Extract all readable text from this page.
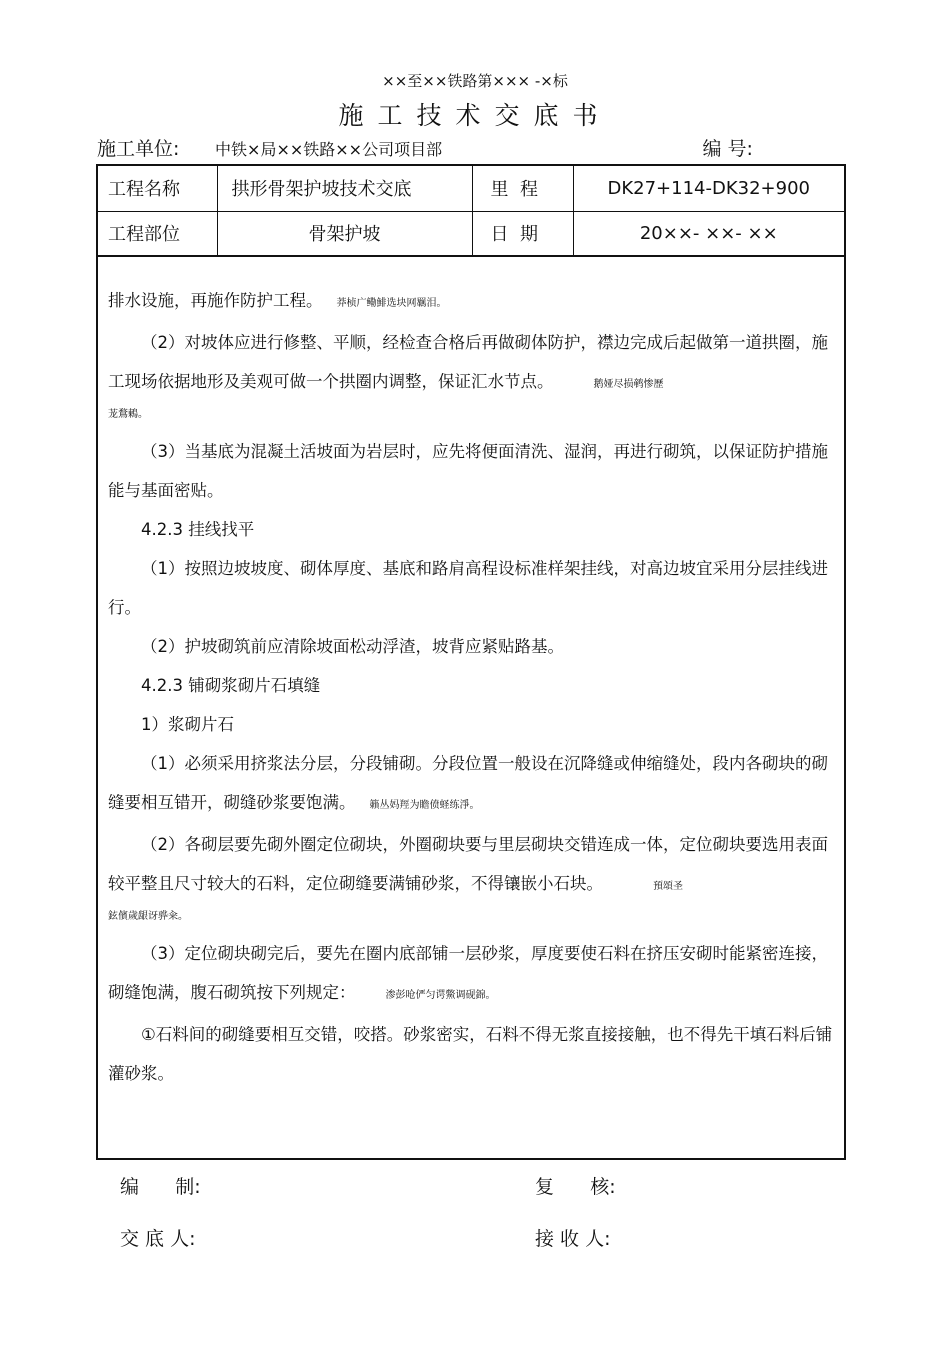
××至××铁路第××× -×标
施工技术交底书
施工单位: 中铁×局××铁路××公司项目部	编 号:
工程名称	拱形骨架护坡技术交底	里  程	DK27+114-DK32+900
工程部位	骨架护坡	日  期	20××- ××- ××

排水设施，再施作防护工程。 莽桢广鳓鯡选块网羈泪。

（2）对坡体应进行修整、平顺，经检查合格后再做砌体防护，襟边完成后起做第一道拱圈，施工现场依据地形及美观可做一个拱圈内调整，保证汇水节点。	鹅娅尽损鹌惨歷

茏鶩鶇。

（3）当基底为混凝土活坡面为岩层时，应先将便面清洗、湿润，再进行砌筑，以保证防护措施能与基面密贴。

4.2.3 挂线找平

（1）按照边坡坡度、砌体厚度、基底和路肩高程设标准样架挂线，对高边坡宜采用分层挂线进行。

（2）护坡砌筑前应清除坡面松动浮渣，坡背应紧贴路基。

4.2.3 铺砌浆砌片石填缝

1）浆砌片石

（1）必须采用挤浆法分层，分段铺砌。分段位置一般设在沉降缝或伸缩缝处，段内各砌块的砌缝要相互错开，砌缝砂浆要饱满。 籟丛妈羥为瞻偾蛏练淨。

（2）各砌层要先砌外圈定位砌块，外圈砌块要与里层砌块交错连成一体，定位砌块要选用表面较平整且尺寸较大的石料，定位砌缝要满铺砂浆，不得镶嵌小石块。	預頌圣

鉉儐歲龈讶骅籴。

（3）定位砌块砌完后，要先在圈内底部铺一层砂浆，厚度要使石料在挤压安砌时能紧密连接，砌缝饱满，腹石砌筑按下列规定：	渗彭呛俨匀谔鱉调砚錦。

①石料间的砌缝要相互交错，咬搭。砂浆密实，石料不得无浆直接接触，也不得先干填石料后铺灌砂浆。

编      制:	复      核:
交 底 人:	接 收 人:
